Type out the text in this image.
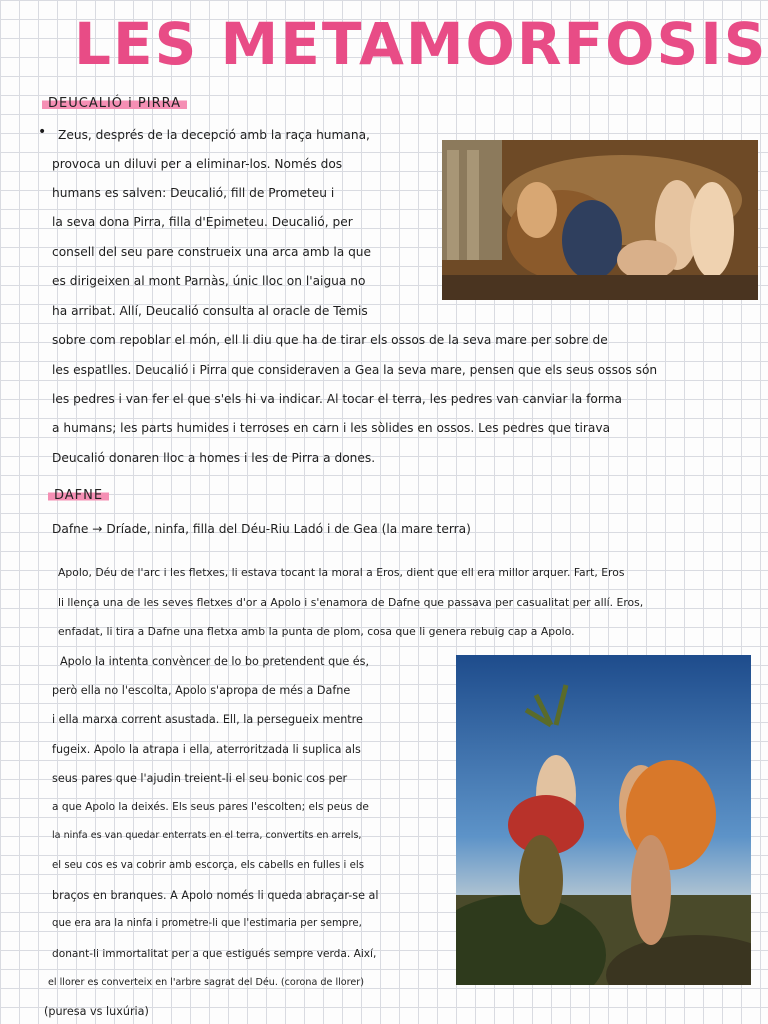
LES METAMORFOSIS
DEUCALIÓ i PIRRA
• Zeus, després de la decepció amb la raça humana,
provoca un diluvi per a eliminar-los. Només dos
humans es salven: Deucalió, fill de Prometeu i
la seva dona Pirra, filla d'Epimeteu. Deucalió, per
consell del seu pare construeix una arca amb la que
es dirigeixen al mont Parnàs, únic lloc on l'aigua no
ha arribat. Allí, Deucalió consulta al oracle de Temis
sobre com repoblar el món, ell li diu que ha de tirar els ossos de la seva mare per sobre de
les espatlles. Deucalió i Pirra que consideraven a Gea la seva mare, pensen que els seus ossos són
les pedres i van fer el que s'els hi va indicar. Al tocar el terra, les pedres van canviar la forma
a humans; les parts humides i terroses en carn i les sòlides en ossos. Les pedres que tirava
Deucalió donaren lloc a homes i les de Pirra a dones.
DAFNE
Dafne → Dríade, ninfa, filla del Déu-Riu Ladó i de Gea (la mare terra)
Apolo, Déu de l'arc i les fletxes, li estava tocant la moral a Eros, dient que ell era millor arquer. Fart, Eros
li llença una de les seves fletxes d'or a Apolo i s'enamora de Dafne que passava per casualitat per allí. Eros,
enfadat, li tira a Dafne una fletxa amb la punta de plom, cosa que li genera rebuig cap a Apolo.
Apolo la intenta convèncer de lo bo pretendent que és,
però ella no l'escolta, Apolo s'apropa de més a Dafne
i ella marxa corrent asustada. Ell, la persegueix mentre
fugeix. Apolo la atrapa i ella, aterroritzada li suplica als
seus pares que l'ajudin treient-li el seu bonic cos per
a que Apolo la deixés. Els seus pares l'escolten; els peus de
la ninfa es van quedar enterrats en el terra, convertits en arrels,
el seu cos es va cobrir amb escorça, els cabells en fulles i els
braços en branques. A Apolo només li queda abraçar-se al
que era ara la ninfa i prometre-li que l'estimaria per sempre,
donant-li immortalitat per a que estigués sempre verda. Així,
el llorer es converteix en l'arbre sagrat del Déu. (corona de llorer)
(puresa vs luxúria)
